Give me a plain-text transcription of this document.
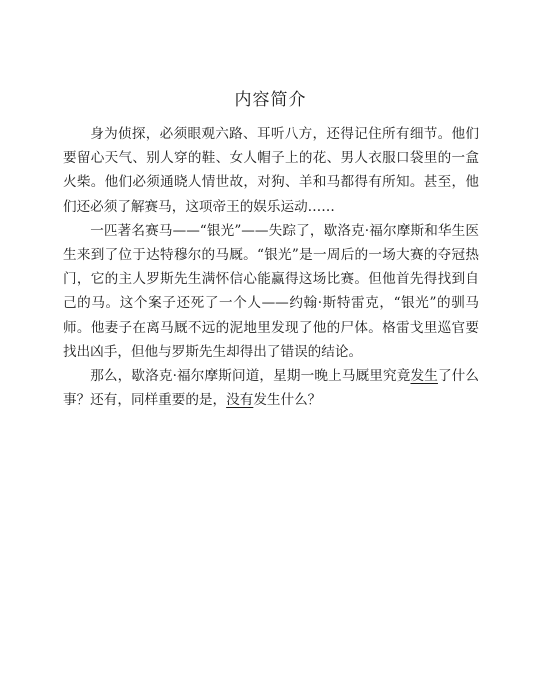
内容简介

身为侦探，必须眼观六路、耳听八方，还得记住所有细节。他们要留心天气、别人穿的鞋、女人帽子上的花、男人衣服口袋里的一盒火柴。他们必须通晓人情世故，对狗、羊和马都得有所知。甚至，他们还必须了解赛马，这项帝王的娱乐运动……

一匹著名赛马——“银光”——失踪了，歇洛克·福尔摩斯和华生医生来到了位于达特穆尔的马厩。“银光”是一周后的一场大赛的夺冠热门，它的主人罗斯先生满怀信心能赢得这场比赛。但他首先得找到自己的马。这个案子还死了一个人——约翰·斯特雷克，“银光”的驯马师。他妻子在离马厩不远的泥地里发现了他的尸体。格雷戈里巡官要找出凶手，但他与罗斯先生却得出了错误的结论。

那么，歇洛克·福尔摩斯问道，星期一晚上马厩里究竟发生了什么事？还有，同样重要的是，没有发生什么？
